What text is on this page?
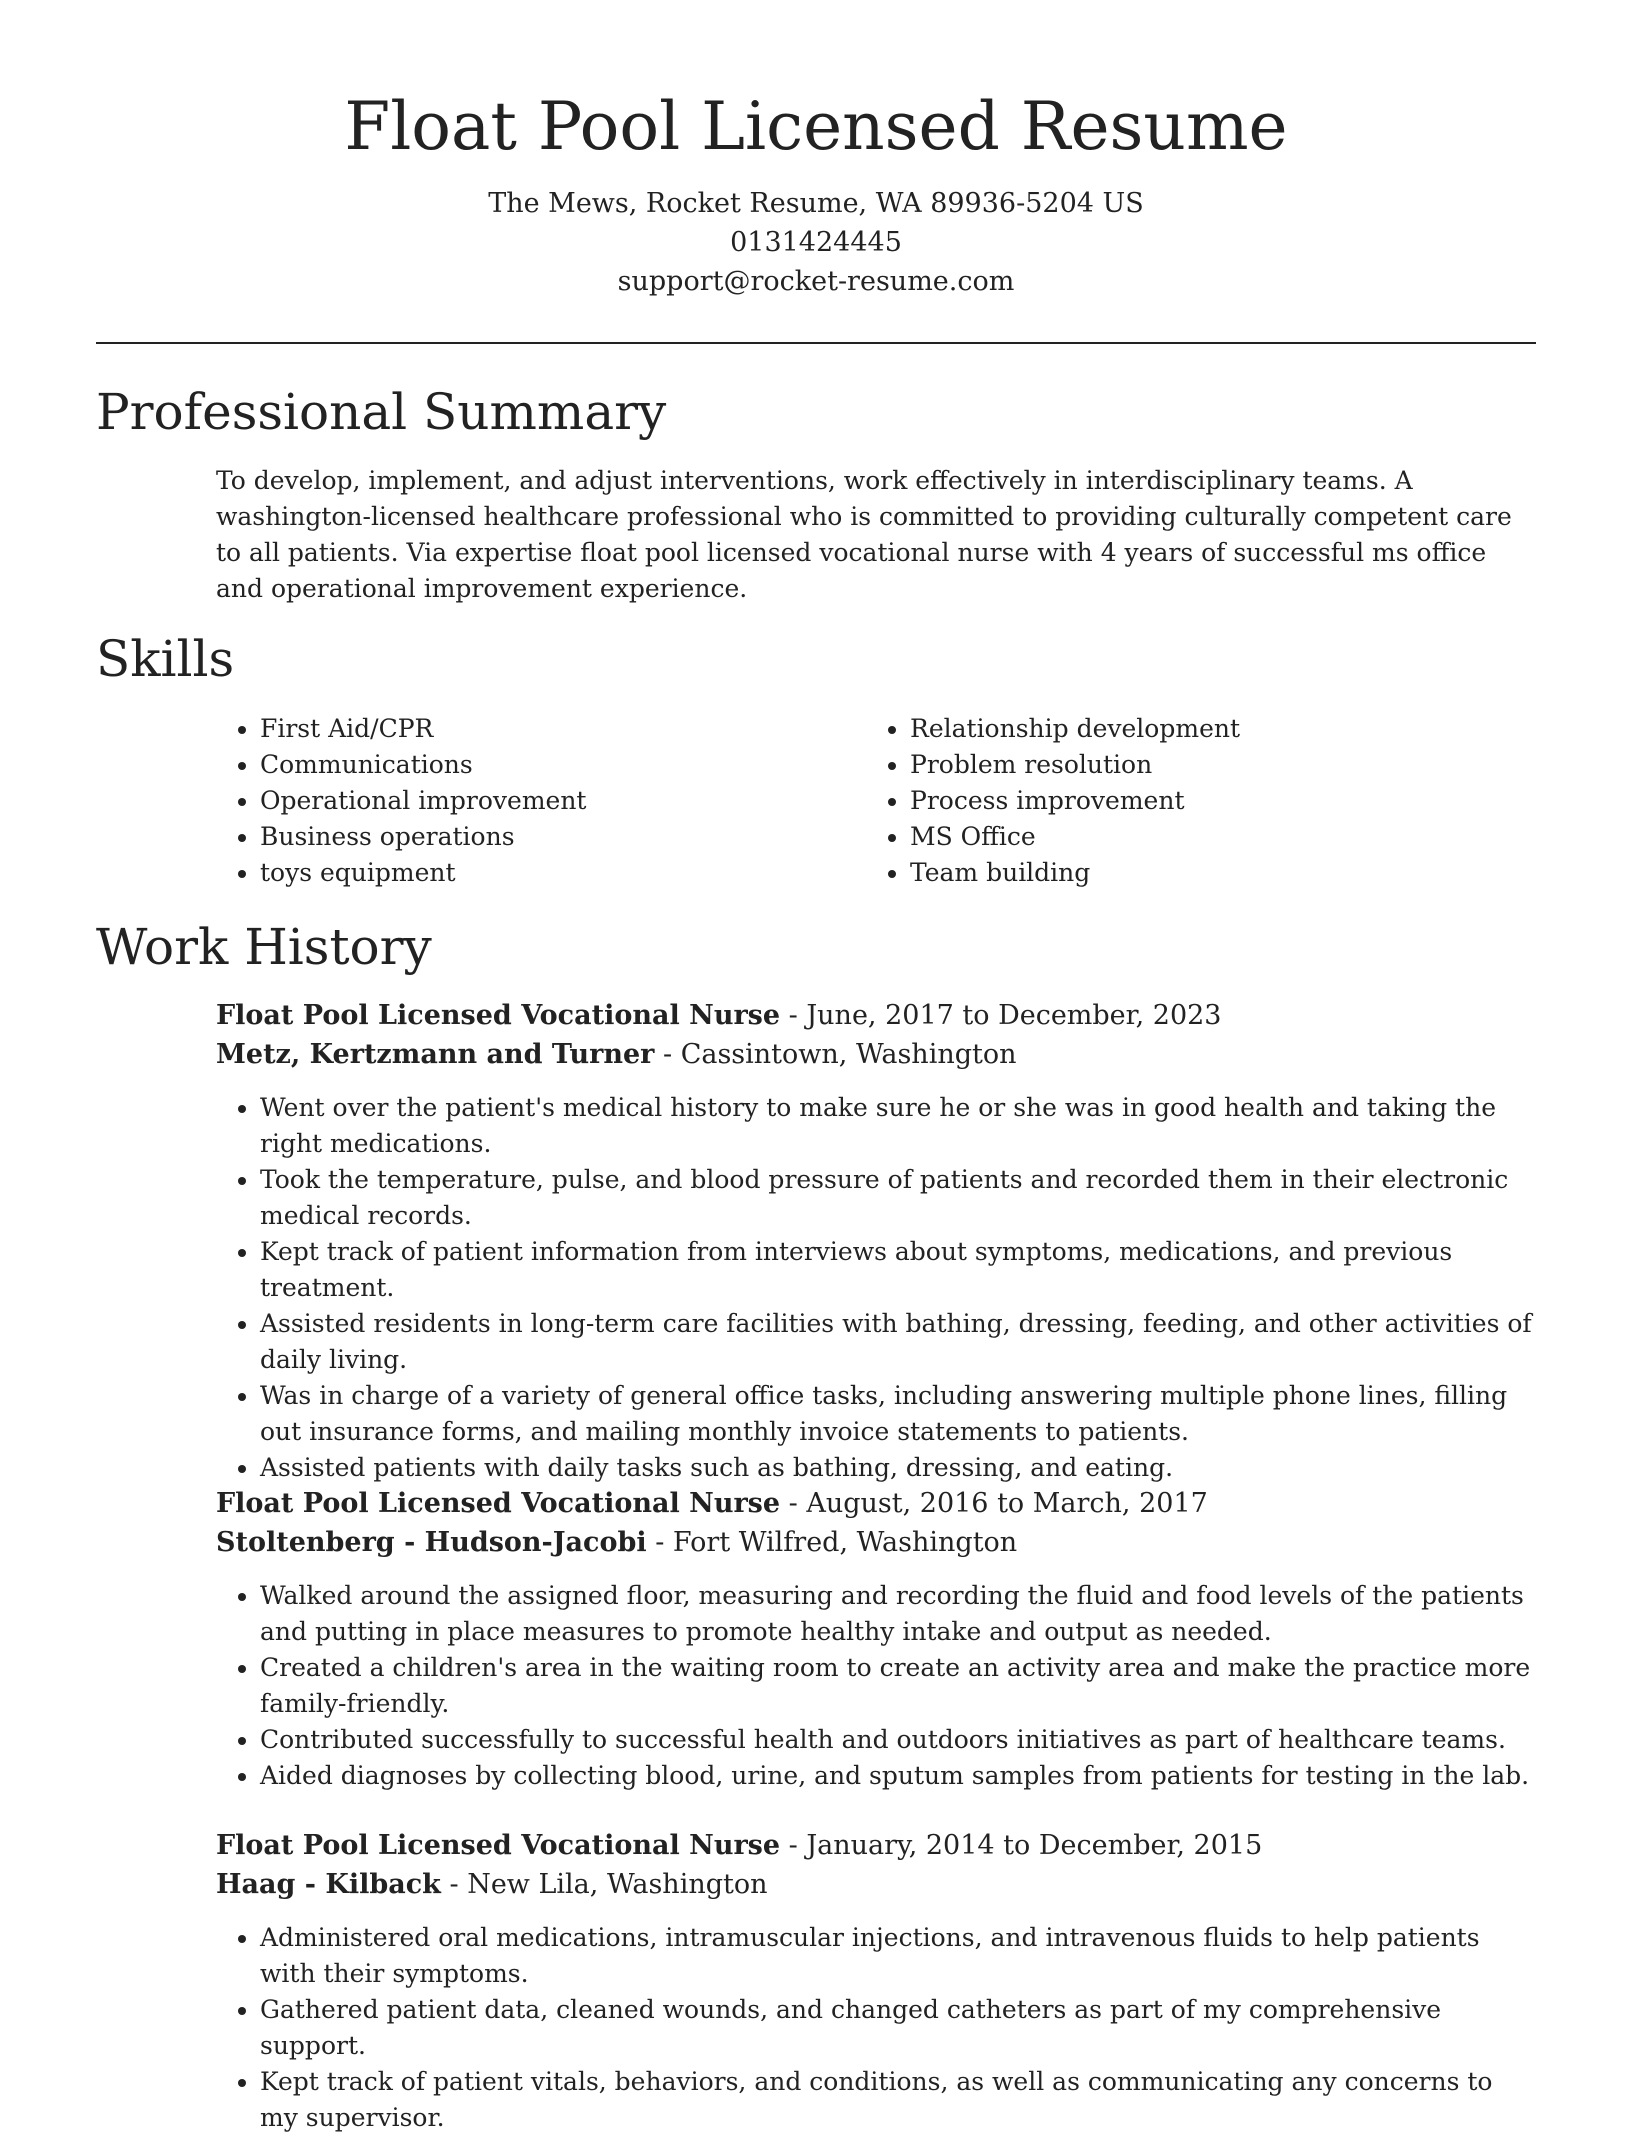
Float Pool Licensed Resume
The Mews, Rocket Resume, WA 89936-5204 US
0131424445
support@rocket-resume.com
Professional Summary

To develop, implement, and adjust interventions, work effectively in interdisciplinary teams. A washington-licensed healthcare professional who is committed to providing culturally competent care to all patients. Via expertise float pool licensed vocational nurse with 4 years of successful ms office and operational improvement experience.

Skills
• First Aid/CPR
• Communications
• Operational improvement
• Business operations
• toys equipment
• Relationship development
• Problem resolution
• Process improvement
• MS Office
• Team building
Work History
Float Pool Licensed Vocational Nurse - June, 2017 to December, 2023
Metz, Kertzmann and Turner - Cassintown, Washington
• Went over the patient's medical history to make sure he or she was in good health and taking the right medications.
• Took the temperature, pulse, and blood pressure of patients and recorded them in their electronic medical records.
• Kept track of patient information from interviews about symptoms, medications, and previous treatment.
• Assisted residents in long-term care facilities with bathing, dressing, feeding, and other activities of daily living.
• Was in charge of a variety of general office tasks, including answering multiple phone lines, filling out insurance forms, and mailing monthly invoice statements to patients.
• Assisted patients with daily tasks such as bathing, dressing, and eating.
Float Pool Licensed Vocational Nurse - August, 2016 to March, 2017
Stoltenberg - Hudson-Jacobi - Fort Wilfred, Washington
• Walked around the assigned floor, measuring and recording the fluid and food levels of the patients and putting in place measures to promote healthy intake and output as needed.
• Created a children's area in the waiting room to create an activity area and make the practice more family-friendly.
• Contributed successfully to successful health and outdoors initiatives as part of healthcare teams.
• Aided diagnoses by collecting blood, urine, and sputum samples from patients for testing in the lab.
Float Pool Licensed Vocational Nurse - January, 2014 to December, 2015
Haag - Kilback - New Lila, Washington
• Administered oral medications, intramuscular injections, and intravenous fluids to help patients with their symptoms.
• Gathered patient data, cleaned wounds, and changed catheters as part of my comprehensive support.
• Kept track of patient vitals, behaviors, and conditions, as well as communicating any concerns to my supervisor.
